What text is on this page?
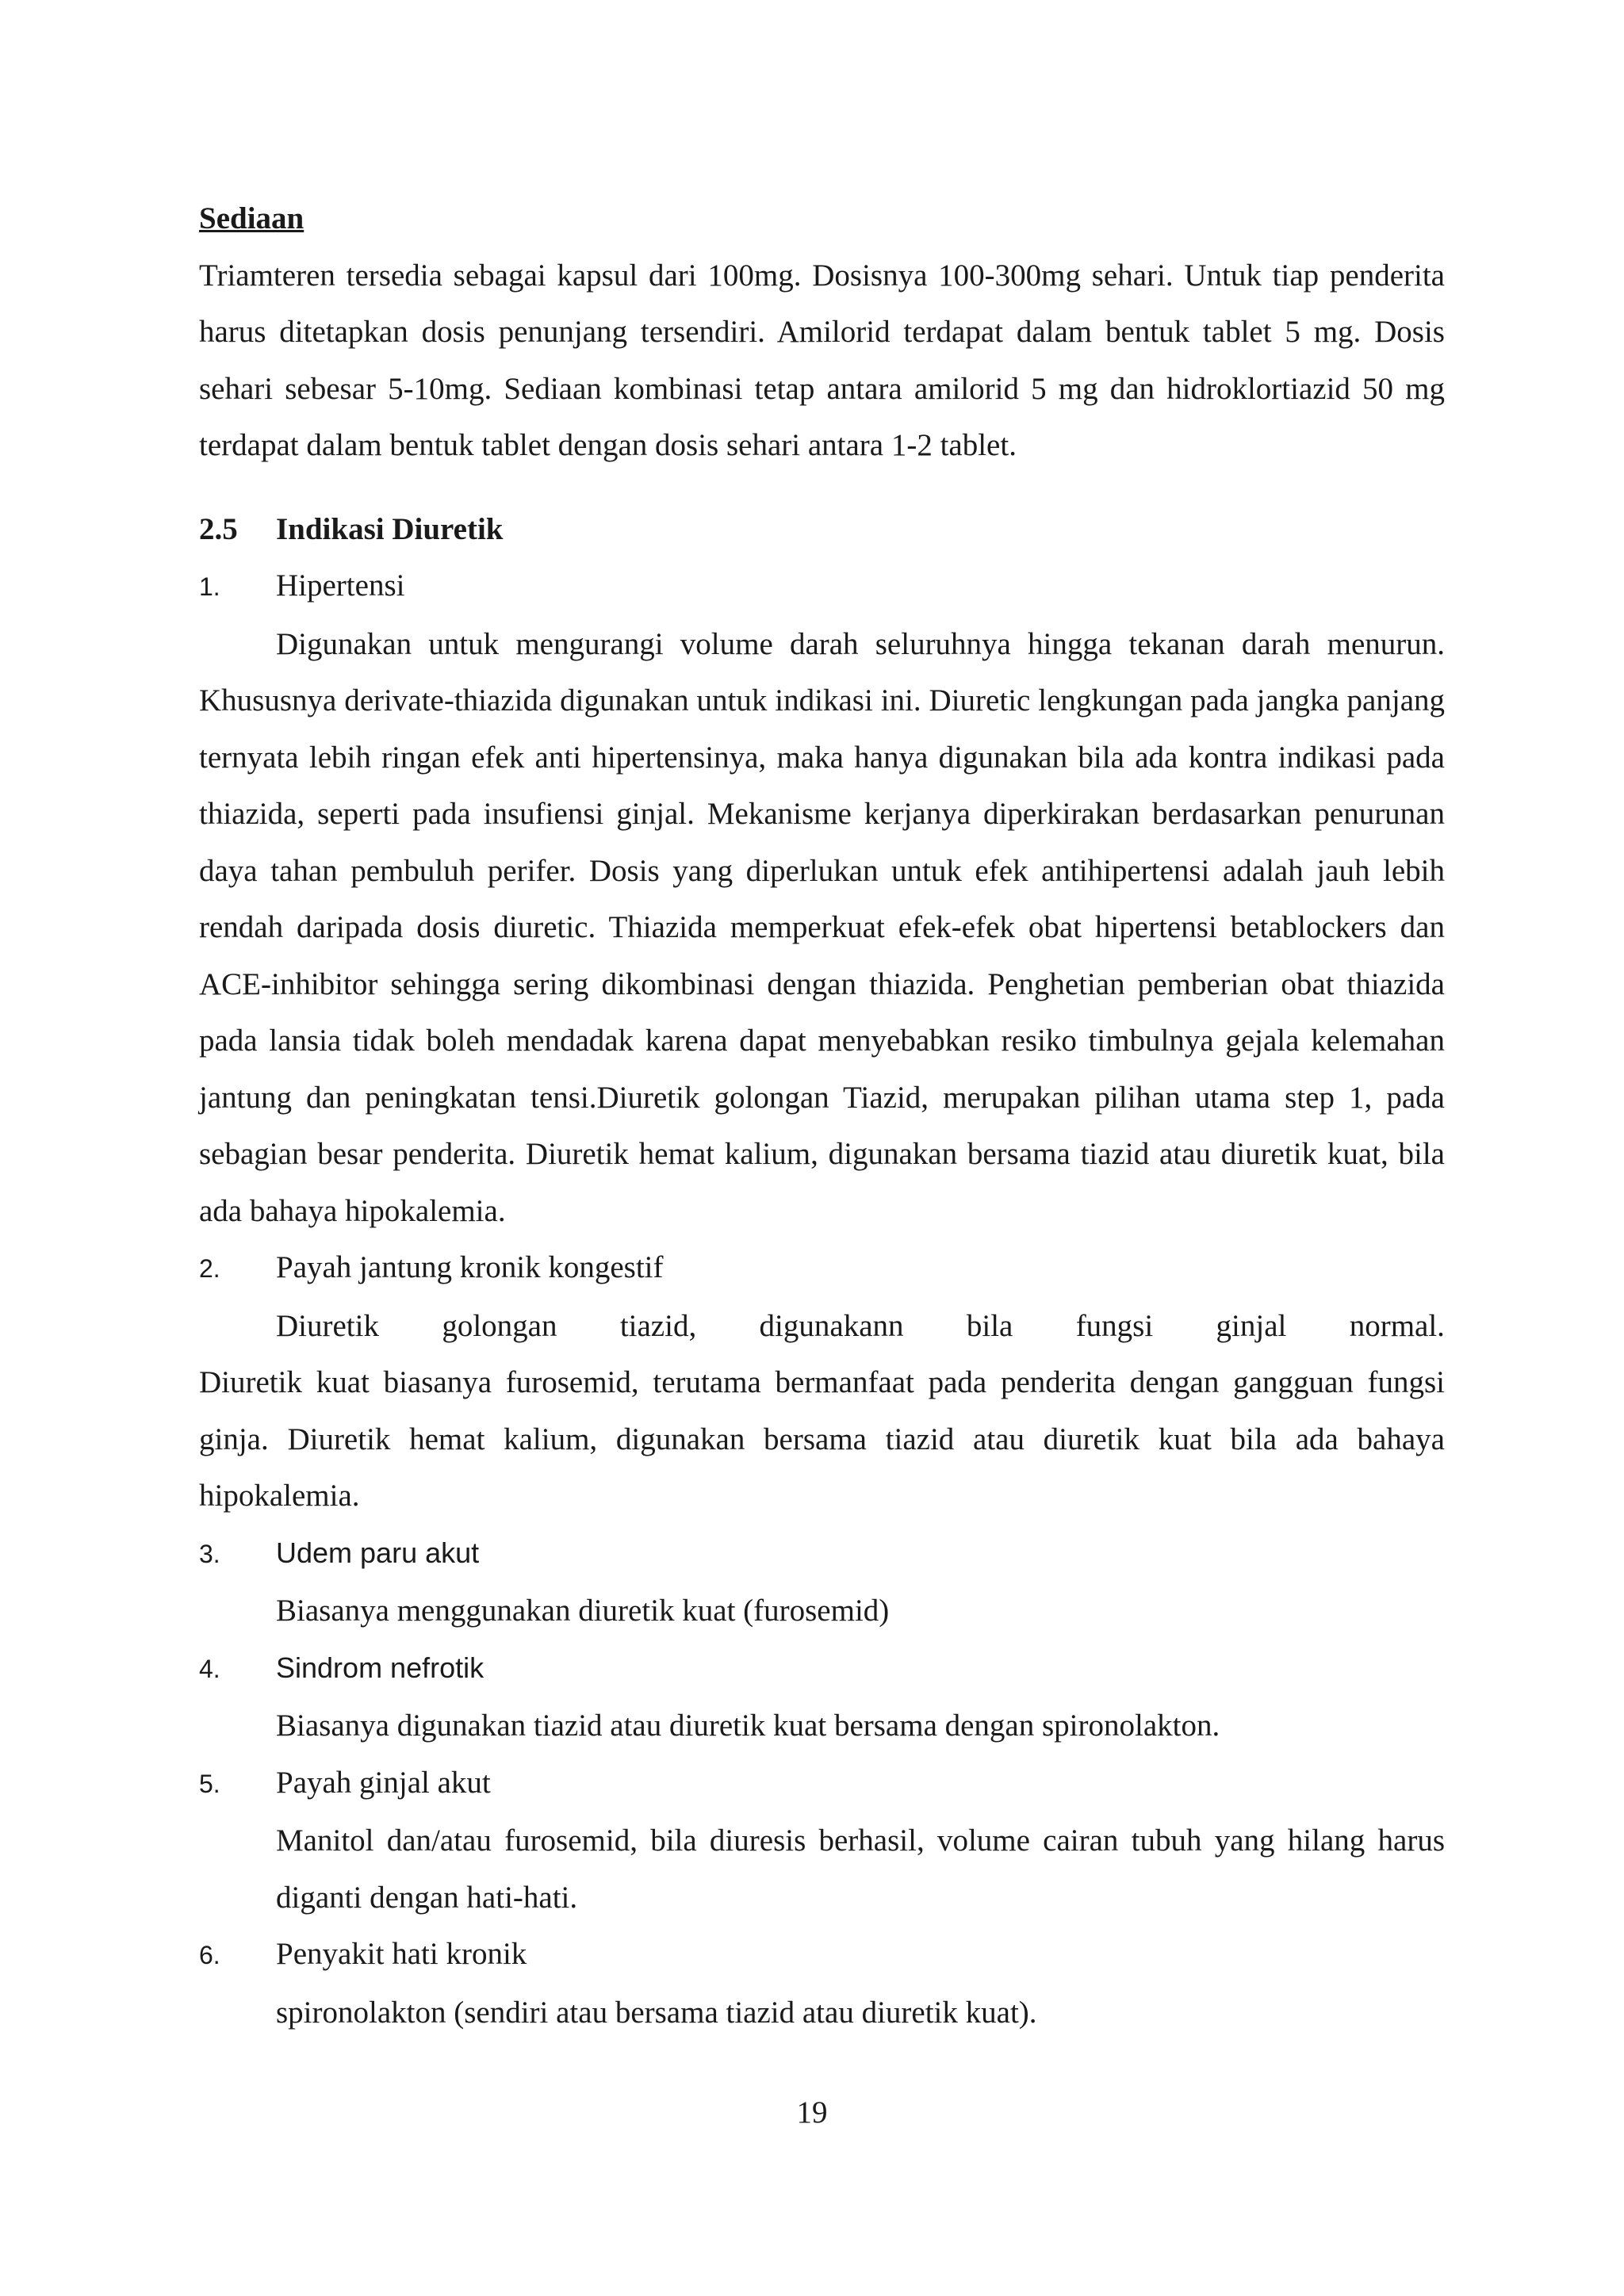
Sediaan

Triamteren tersedia sebagai kapsul dari 100mg. Dosisnya 100-300mg sehari. Untuk tiap penderita harus ditetapkan dosis penunjang tersendiri. Amilorid terdapat dalam bentuk tablet 5 mg. Dosis sehari sebesar 5-10mg. Sediaan kombinasi tetap antara amilorid 5 mg dan hidroklortiazid 50 mg terdapat dalam bentuk tablet dengan dosis sehari antara 1-2 tablet.

2.5	Indikasi Diuretik
1.	Hipertensi

Digunakan untuk mengurangi volume darah seluruhnya hingga tekanan darah menurun. Khususnya derivate-thiazida digunakan untuk indikasi ini. Diuretic lengkungan pada jangka panjang ternyata lebih ringan efek anti hipertensinya, maka hanya digunakan bila ada kontra indikasi pada thiazida, seperti pada insufiensi ginjal. Mekanisme kerjanya diperkirakan berdasarkan penurunan daya tahan pembuluh perifer. Dosis yang diperlukan untuk efek antihipertensi adalah jauh lebih rendah daripada dosis diuretic. Thiazida memperkuat efek-efek obat hipertensi betablockers dan ACE-inhibitor sehingga sering dikombinasi dengan thiazida. Penghetian pemberian obat thiazida pada lansia tidak boleh mendadak karena dapat menyebabkan resiko timbulnya gejala kelemahan jantung dan peningkatan tensi.Diuretik golongan Tiazid, merupakan pilihan utama step 1, pada sebagian besar penderita. Diuretik hemat kalium, digunakan bersama tiazid atau diuretik kuat, bila ada bahaya hipokalemia.

2.	Payah jantung kronik kongestif
Diuretik golongan tiazid, digunakann bila fungsi ginjal normal.

Diuretik kuat biasanya furosemid, terutama bermanfaat pada penderita dengan gangguan fungsi ginja. Diuretik hemat kalium, digunakan bersama tiazid atau diuretik kuat bila ada bahaya hipokalemia.

3.	Udem paru akut

Biasanya menggunakan diuretik kuat (furosemid)

4.	Sindrom nefrotik

Biasanya digunakan tiazid atau diuretik kuat bersama dengan spironolakton.

5.	Payah ginjal akut

Manitol dan/atau furosemid, bila diuresis berhasil, volume cairan tubuh yang hilang harus diganti dengan hati-hati.

6.	Penyakit hati kronik

spironolakton (sendiri atau bersama tiazid atau diuretik kuat).

19
